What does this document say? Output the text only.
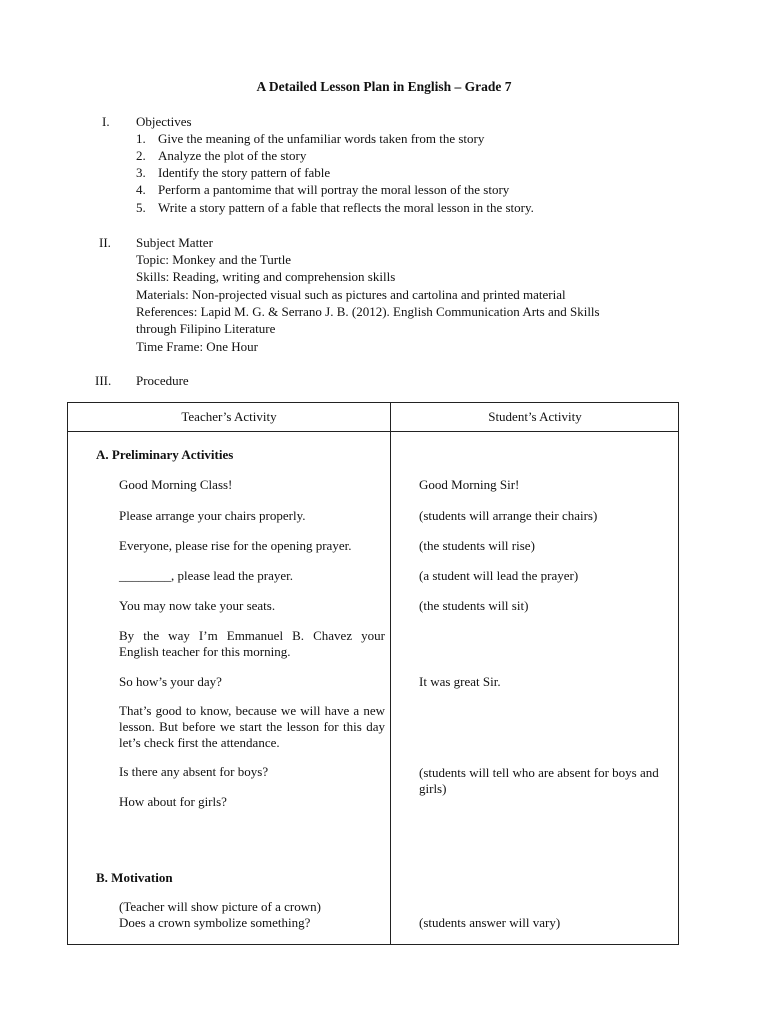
A Detailed Lesson Plan in English – Grade 7
I. Objectives
1. Give the meaning of the unfamiliar words taken from the story
2. Analyze the plot of the story
3. Identify the story pattern of fable
4. Perform a pantomime that will portray the moral lesson of the story
5. Write a story pattern of a fable that reflects the moral lesson in the story.
II. Subject Matter
Topic: Monkey and the Turtle
Skills: Reading, writing and comprehension skills
Materials: Non-projected visual such as pictures and cartolina and printed material
References: Lapid M. G. & Serrano J. B. (2012). English Communication Arts and Skills
through Filipino Literature
Time Frame: One Hour
III. Procedure
Teacher’s Activity	Student’s Activity
A. Preliminary Activities
Good Morning Class!	Good Morning Sir!
Please arrange your chairs properly.	(students will arrange their chairs)
Everyone, please rise for the opening prayer.	(the students will rise)
________, please lead the prayer.	(a student will lead the prayer)
You may now take your seats.	(the students will sit)
By the way I’m Emmanuel B. Chavez your English teacher for this morning.
So how’s your day?	It was great Sir.
That’s good to know, because we will have a new lesson. But before we start the lesson for this day let’s check first the attendance.
Is there any absent for boys?	(students will tell who are absent for boys and girls)
How about for girls?
B. Motivation
(Teacher will show picture of a crown)
Does a crown symbolize something?	(students answer will vary)
